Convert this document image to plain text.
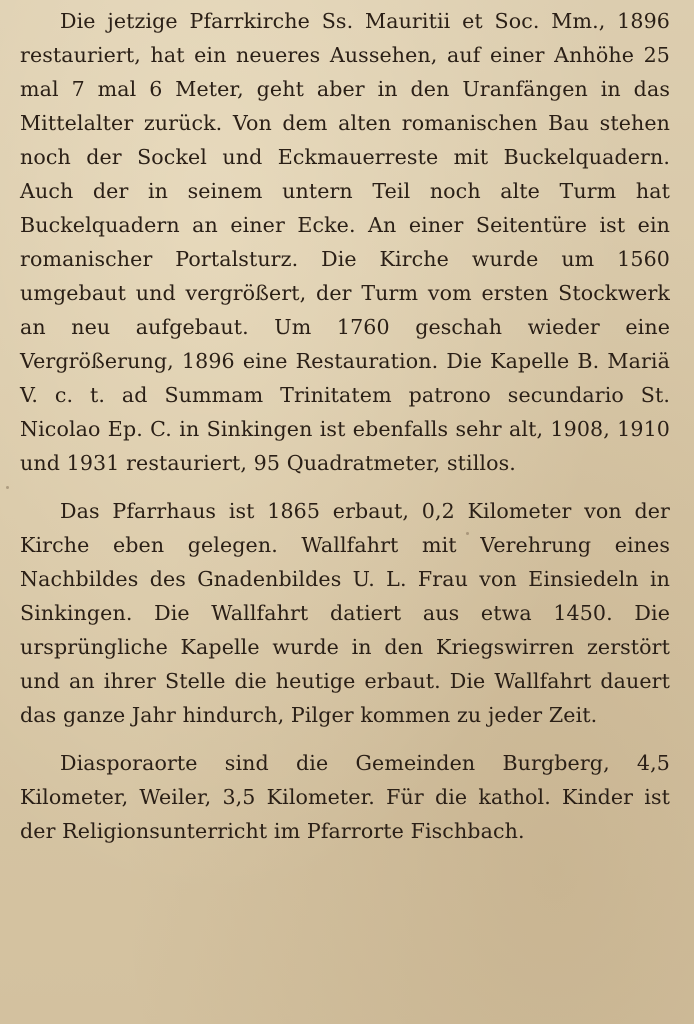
Die jetzige Pfarrkirche Ss. Mauritii et Soc. Mm., 1896 restauriert, hat ein neueres Aussehen, auf einer Anhöhe 25 mal 7 mal 6 Meter, geht aber in den Uranfängen in das Mittelalter zurück. Von dem alten romanischen Bau stehen noch der Sockel und Eckmauerreste mit Buckelquadern. Auch der in seinem untern Teil noch alte Turm hat Buckelquadern an einer Ecke. An einer Seitentüre ist ein romanischer Portalsturz. Die Kirche wurde um 1560 umgebaut und vergrößert, der Turm vom ersten Stockwerk an neu aufgebaut. Um 1760 geschah wieder eine Vergrößerung, 1896 eine Restauration. Die Kapelle B. Mariä V. c. t. ad Summam Trinitatem patrono secundario St. Nicolao Ep. C. in Sinkingen ist ebenfalls sehr alt, 1908, 1910 und 1931 restauriert, 95 Quadratmeter, stillos.

Das Pfarrhaus ist 1865 erbaut, 0,2 Kilometer von der Kirche eben gelegen. Wallfahrt mit Verehrung eines Nachbildes des Gnadenbildes U. L. Frau von Einsiedeln in Sinkingen. Die Wallfahrt datiert aus etwa 1450. Die ursprüngliche Kapelle wurde in den Kriegswirren zerstört und an ihrer Stelle die heutige erbaut. Die Wallfahrt dauert das ganze Jahr hindurch, Pilger kommen zu jeder Zeit.

Diasporaorte sind die Gemeinden Burgberg, 4,5 Kilometer, Weiler, 3,5 Kilometer. Für die kathol. Kinder ist der Religionsunterricht im Pfarrorte Fischbach.
